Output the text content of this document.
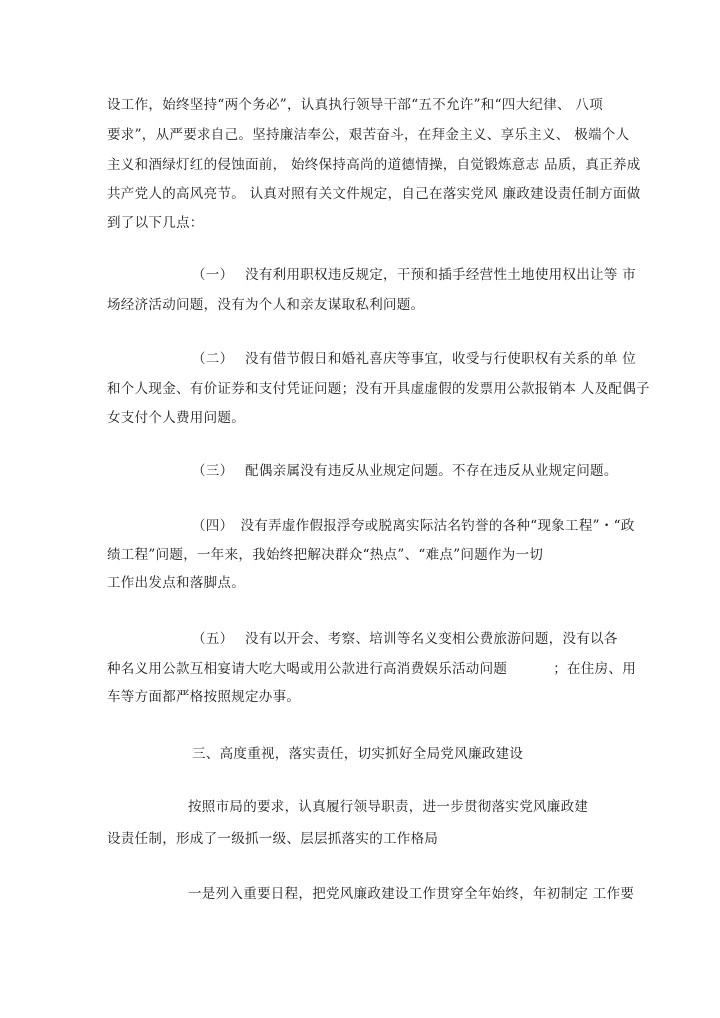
设工作，始终坚持“两个务必”，认真执行领导干部“五不允许”和“四大纪律、 八项

要求”，从严要求自己。坚持廉洁奉公，艰苦奋斗，在拜金主义、享乐主义、 极端个人

主义和酒绿灯红的侵蚀面前， 始终保持高尚的道德情操，自觉锻炼意志 品质，真正养成

共产党人的高风亮节。 认真对照有关文件规定，自己在落实党风 廉政建设责任制方面做

到了以下几点：

（一）　 没有利用职权违反规定，干预和插手经营性土地使用权出让等 市

场经济活动问题，没有为个人和亲友谋取私利问题。

（二）　 没有借节假日和婚礼喜庆等事宜，收受与行使职权有关系的单 位

和个人现金、有价证券和支付凭证问题；没有开具虚虚假的发票用公款报销本 人及配偶子

女支付个人费用问题。

（三）　 配偶亲属没有违反从业规定问题。不存在违反从业规定问题。

（四）　没有弄虚作假报浮夸或脱离实际沽名钓誉的各种“现象工程”・“政

绩工程”问题，一年来，我始终把解决群众“热点”、“难点”问题作为一切

工作出发点和落脚点。

（五）　 没有以开会、考察、培训等名义变相公费旅游问题，没有以各

种名义用公款互相宴请大吃大喝或用公款进行高消费娱乐活动问题　　　 ；在住房、用

车等方面都严格按照规定办事。

三、高度重视，落实责任，切实抓好全局党风廉政建设

按照市局的要求，认真履行领导职责，进一步贯彻落实党风廉政建

设责任制，形成了一级抓一级、层层抓落实的工作格局

一是列入重要日程，把党风廉政建设工作贯穿全年始终，年初制定 工作要
